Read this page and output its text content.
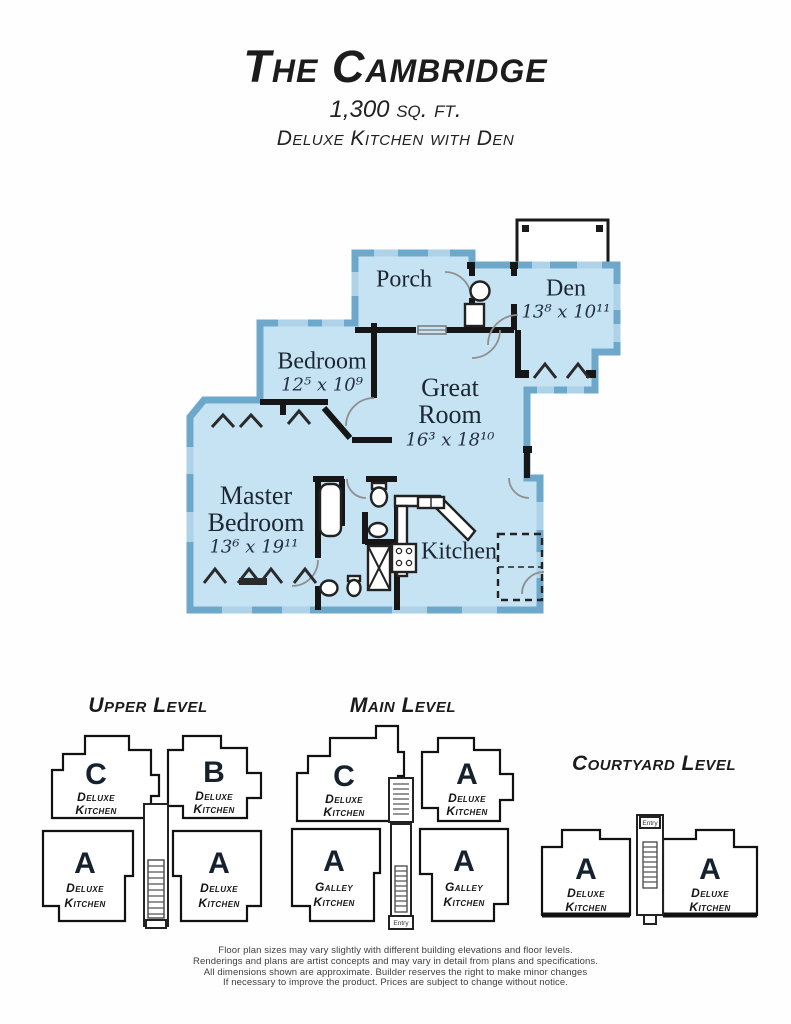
The Cambridge
1,300 sq. ft.
Deluxe Kitchen with Den
Porch	Den
13⁸ x 10¹¹
Bedroom
12⁵ x 10⁹ Great
Room
16³ x 18¹⁰
Master
Bedroom
13⁶ x 19¹¹	Kitchen
Upper Level
C
Deluxe
Kitchen
B
Deluxe
Kitchen
A
Deluxe
Kitchen
A
Deluxe
Kitchen
Main Level
Entry
C
Deluxe
Kitchen
A
Deluxe
Kitchen
A
Galley
Kitchen
A
Galley
Kitchen
Courtyard Level
Entry
A
Deluxe
Kitchen
A
Deluxe
Kitchen
Floor plan sizes may vary slightly with different building elevations and floor levels.
Renderings and plans are artist concepts and may vary in detail from plans and specifications.
All dimensions shown are approximate. Builder reserves the right to make minor changes
If necessary to improve the product. Prices are subject to change without notice.
